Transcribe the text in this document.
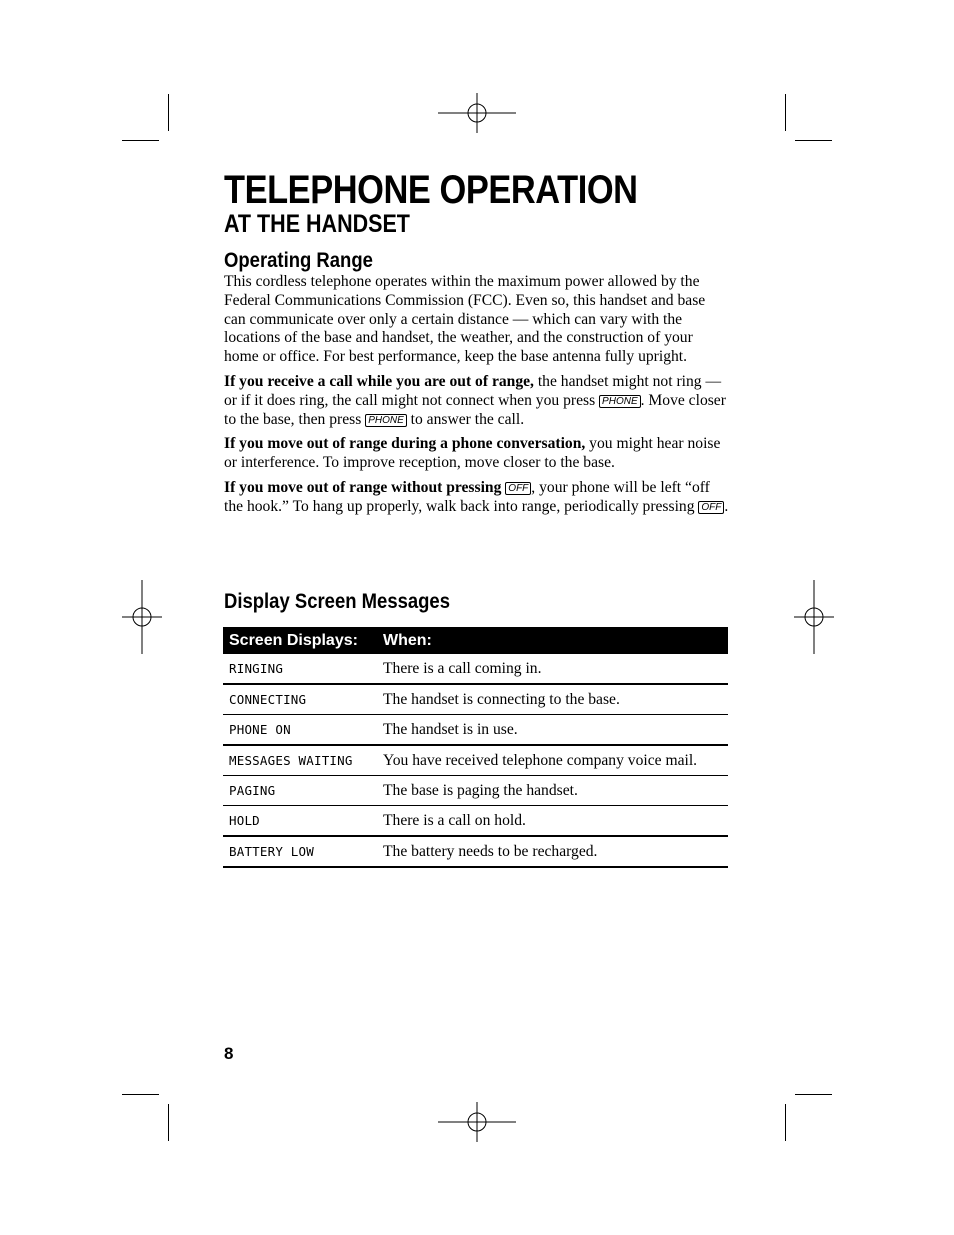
TELEPHONE OPERATION
AT THE HANDSET
Operating Range

This cordless telephone operates within the maximum power allowed by the Federal Communications Commission (FCC). Even so, this handset and base can communicate over only a certain distance — which can vary with the locations of the base and handset, the weather, and the construction of your home or office. For best performance, keep the base antenna fully upright.

If you receive a call while you are out of range, the handset might not ring — or if it does ring, the call might not connect when you press PHONE . Move closer to the base, then press PHONE to answer the call.

If you move out of range during a phone conversation, you might hear noise or interference. To improve reception, move closer to the base.

If you move out of range without pressing OFF , your phone will be left “off the hook.” To hang up properly, walk back into range, periodically pressing OFF .

Display Screen Messages
Screen Displays:	When:
RINGING	There is a call coming in.
CONNECTING	The handset is connecting to the base.
PHONE ON	The handset is in use.
MESSAGES WAITING	You have received telephone company voice mail.
PAGING	The base is paging the handset.
HOLD	There is a call on hold.
BATTERY LOW	The battery needs to be recharged.
8
